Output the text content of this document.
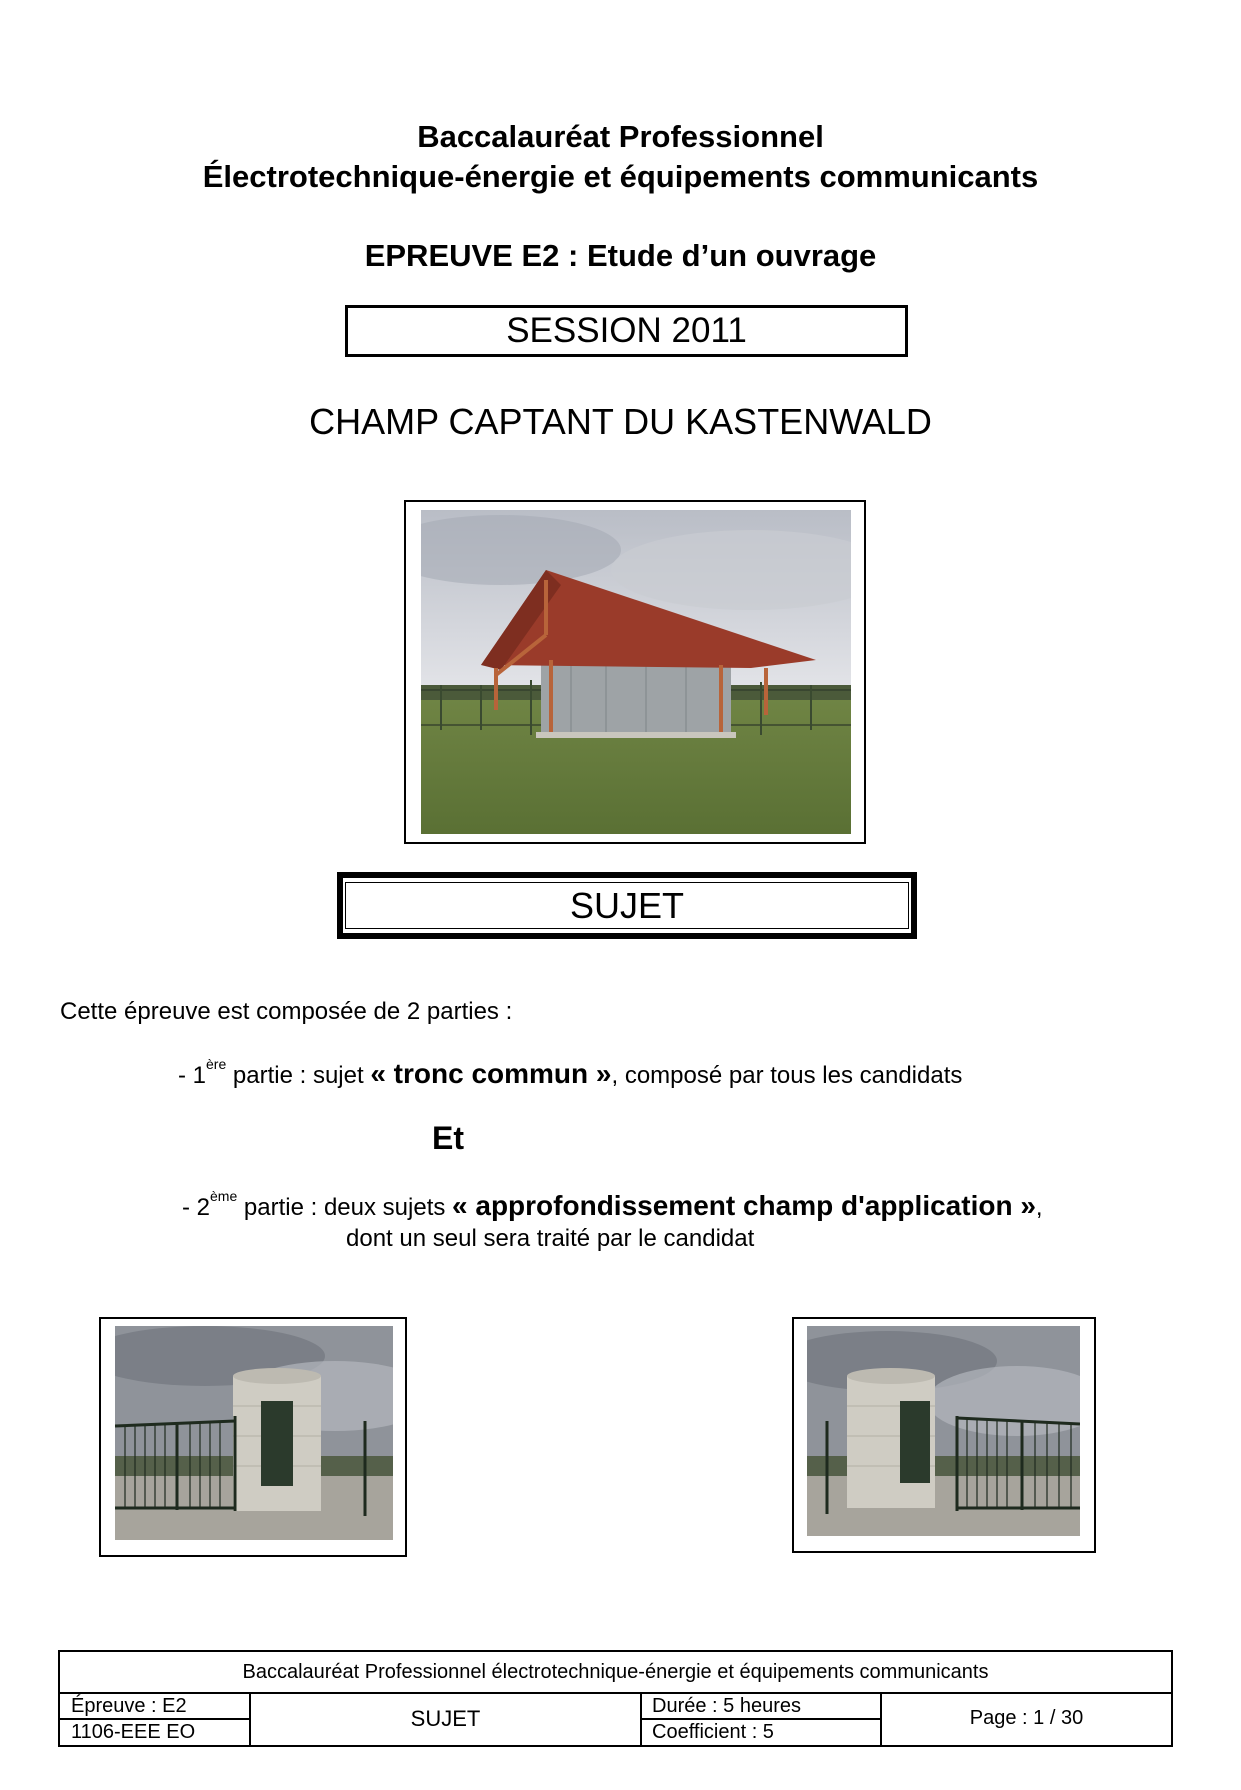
Baccalauréat Professionnel
Électrotechnique-énergie et équipements communicants
EPREUVE E2 : Etude d’un ouvrage
SESSION 2011
CHAMP CAPTANT DU KASTENWALD
SUJET
Cette épreuve est composée de 2 parties :
- 1ère partie : sujet « tronc commun », composé par tous les candidats
Et
- 2ème partie : deux sujets « approfondissement champ d'application »,
dont un seul sera traité par le candidat
Baccalauréat Professionnel électrotechnique-énergie et équipements communicants
Épreuve : E2
1106-EEE EO
SUJET	Durée : 5 heures
Coefficient : 5
Page : 1 / 30
